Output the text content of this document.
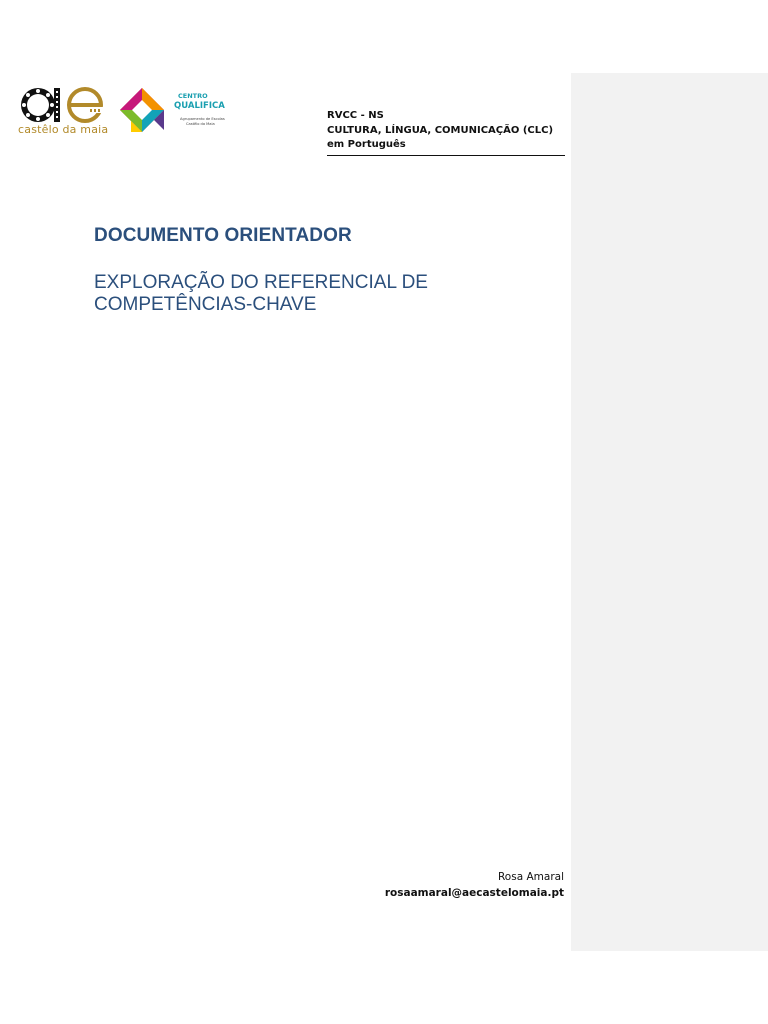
castêlo da maia
CENTRO
QUALIFICA
Agrupamento de Escolas
Castêlo da Maia
RVCC - NS
CULTURA, LÍNGUA, COMUNICAÇÃO (CLC)
em Português
DOCUMENTO ORIENTADOR
EXPLORAÇÃO DO REFERENCIAL DE
COMPETÊNCIAS-CHAVE
Rosa Amaral
rosaamaral@aecastelomaia.pt
